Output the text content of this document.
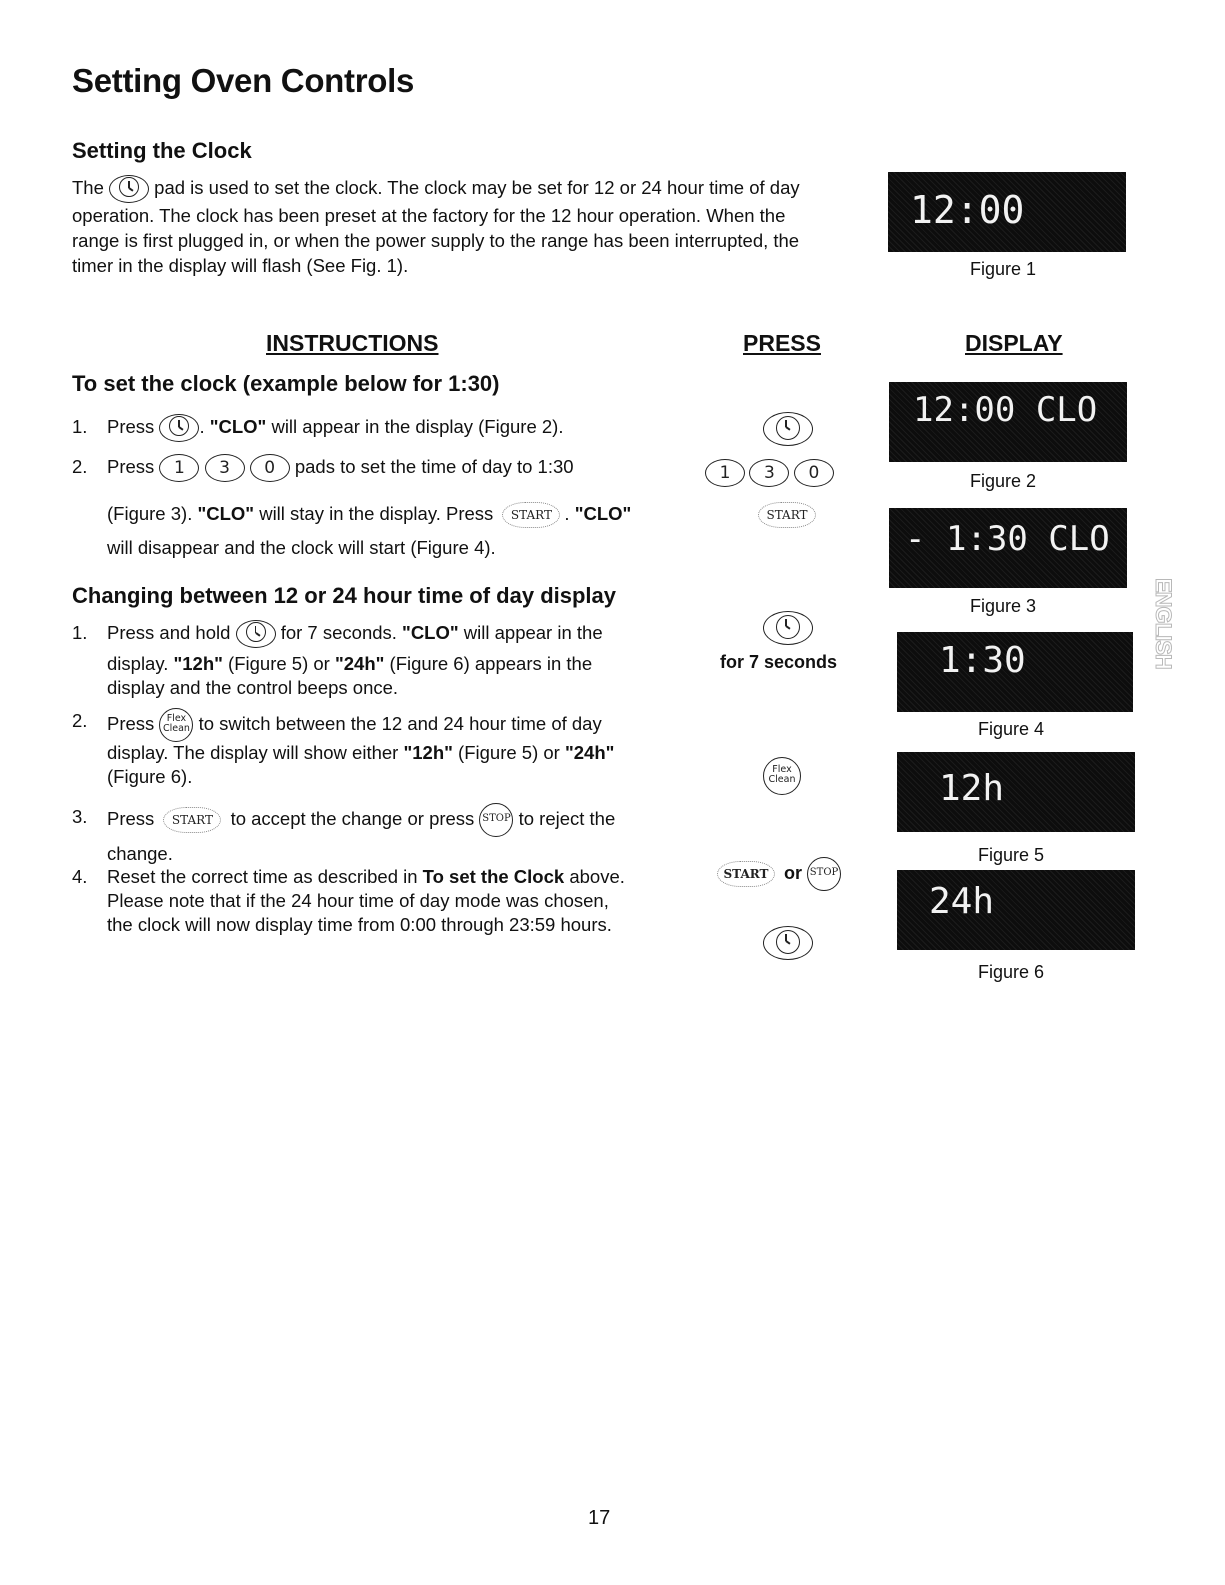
Setting Oven Controls
Setting the Clock
The	pad is used to set the clock. The clock may be set for 12 or 24 hour time of day
operation. The clock has been preset at the factory for the 12 hour operation. When the
range is first plugged in, or when the power supply to the range has been interrupted, the
timer in the display will flash (See Fig. 1).
12:00
Figure 1
INSTRUCTIONS	PRESS	DISPLAY
To set the clock (example below for 1:30)
1. Press . "CLO" will appear in the display (Figure 2).
2. Press 1 3 0 pads to set the time of day to 1:30
(Figure 3). "CLO" will stay in the display. Press START . "CLO"
will disappear and the clock will start (Figure 4).
Changing between 12 or 24 hour time of day display
1. Press and hold  for 7 seconds. "CLO" will appear in the
display. "12h" (Figure 5) or "24h" (Figure 6) appears in the
display and the control beeps once.
2. Press Flex
Clean to switch between the 12 and 24 hour time of day
display. The display will show either "12h" (Figure 5) or "24h"
(Figure 6).
3. Press START to accept the change or press STOP to reject the
change.
4. Reset the correct time as described in To set the Clock above.
Please note that if the 24 hour time of day mode was chosen,
the clock will now display time from 0:00 through 23:59 hours.
1 3 0
START
for 7 seconds
Flex
Clean
START or STOP
12:00 CLO
Figure 2
- 1:30 CLO
Figure 3
1:30
Figure 4
12h
Figure 5
24h
Figure 6
ENGLISH
17
